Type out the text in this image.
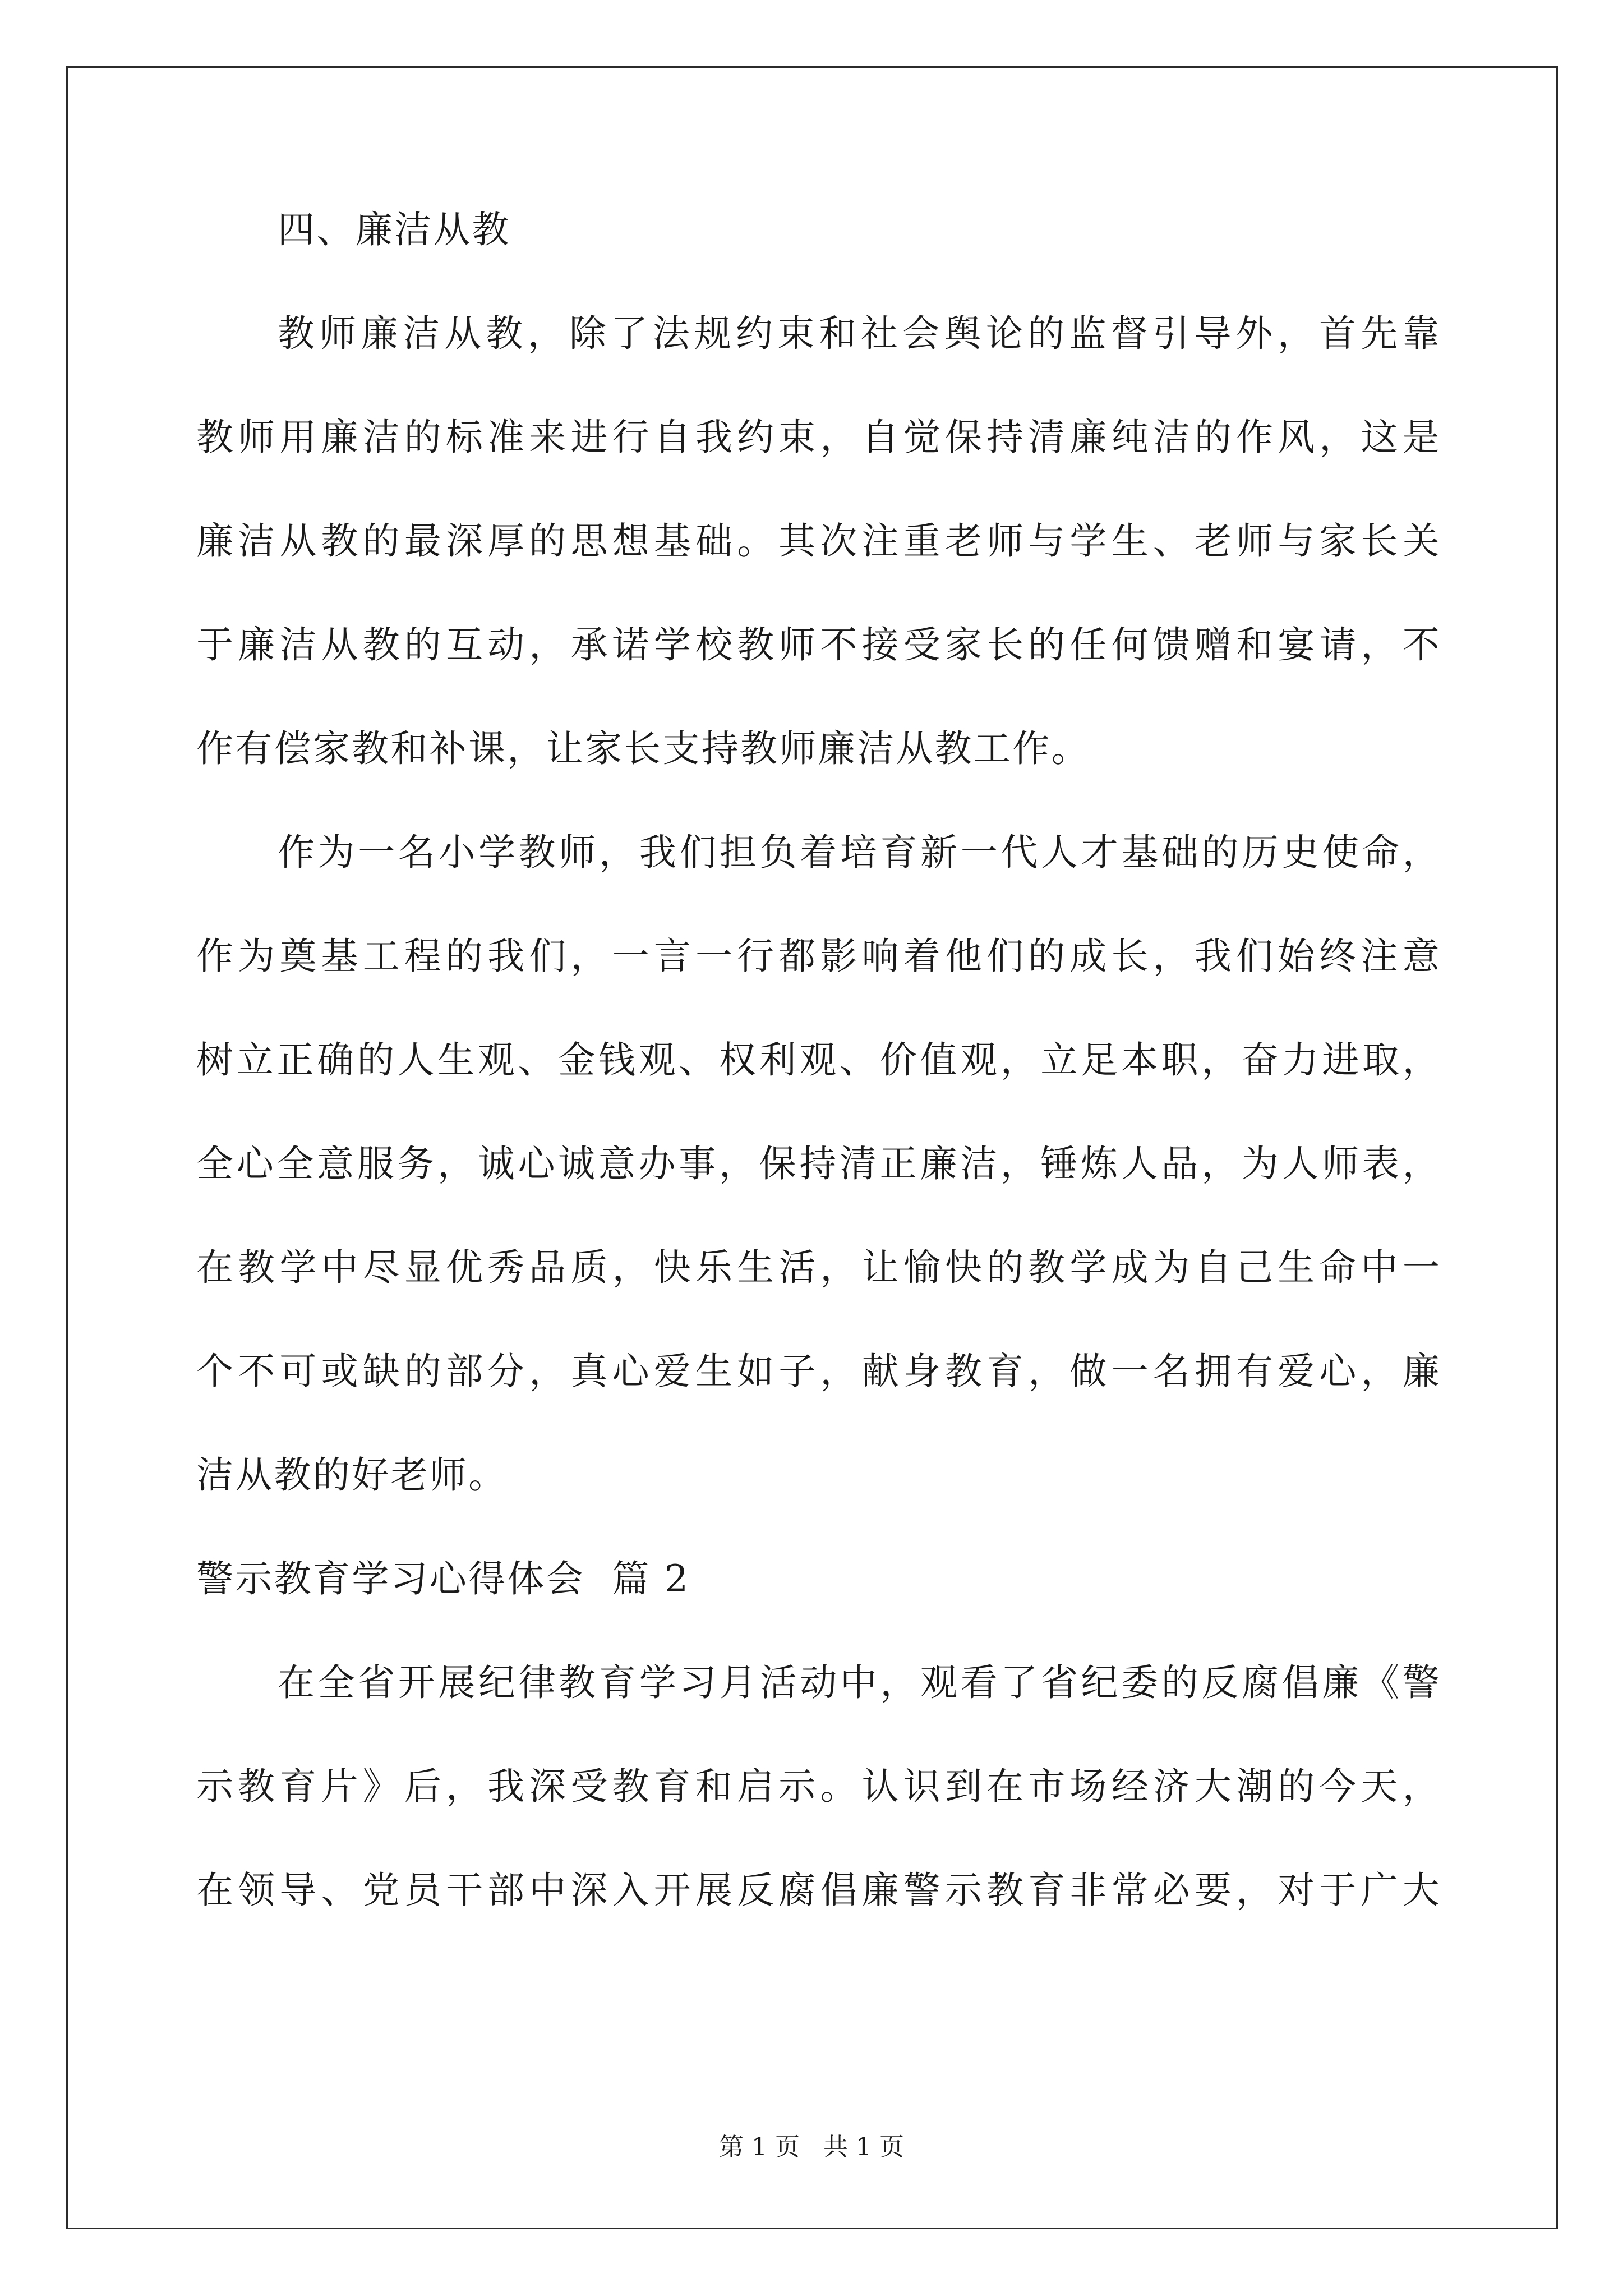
四、廉洁从教
教师廉洁从教，除了法规约束和社会舆论的监督引导外，首先靠
教师用廉洁的标准来进行自我约束，自觉保持清廉纯洁的作风，这是
廉洁从教的最深厚的思想基础。其次注重老师与学生、老师与家长关
于廉洁从教的互动，承诺学校教师不接受家长的任何馈赠和宴请，不
作有偿家教和补课，让家长支持教师廉洁从教工作。
作为一名小学教师，我们担负着培育新一代人才基础的历史使命，
作为奠基工程的我们，一言一行都影响着他们的成长，我们始终注意
树立正确的人生观、金钱观、权利观、价值观，立足本职，奋力进取，
全心全意服务，诚心诚意办事，保持清正廉洁，锤炼人品，为人师表，
在教学中尽显优秀品质，快乐生活，让愉快的教学成为自己生命中一
个不可或缺的部分，真心爱生如子，献身教育，做一名拥有爱心，廉
洁从教的好老师。
警示教育学习心得体会  篇 2
在全省开展纪律教育学习月活动中，观看了省纪委的反腐倡廉《警
示教育片》后，我深受教育和启示。认识到在市场经济大潮的今天，
在领导、党员干部中深入开展反腐倡廉警示教育非常必要，对于广大
第 1 页   共 1 页
